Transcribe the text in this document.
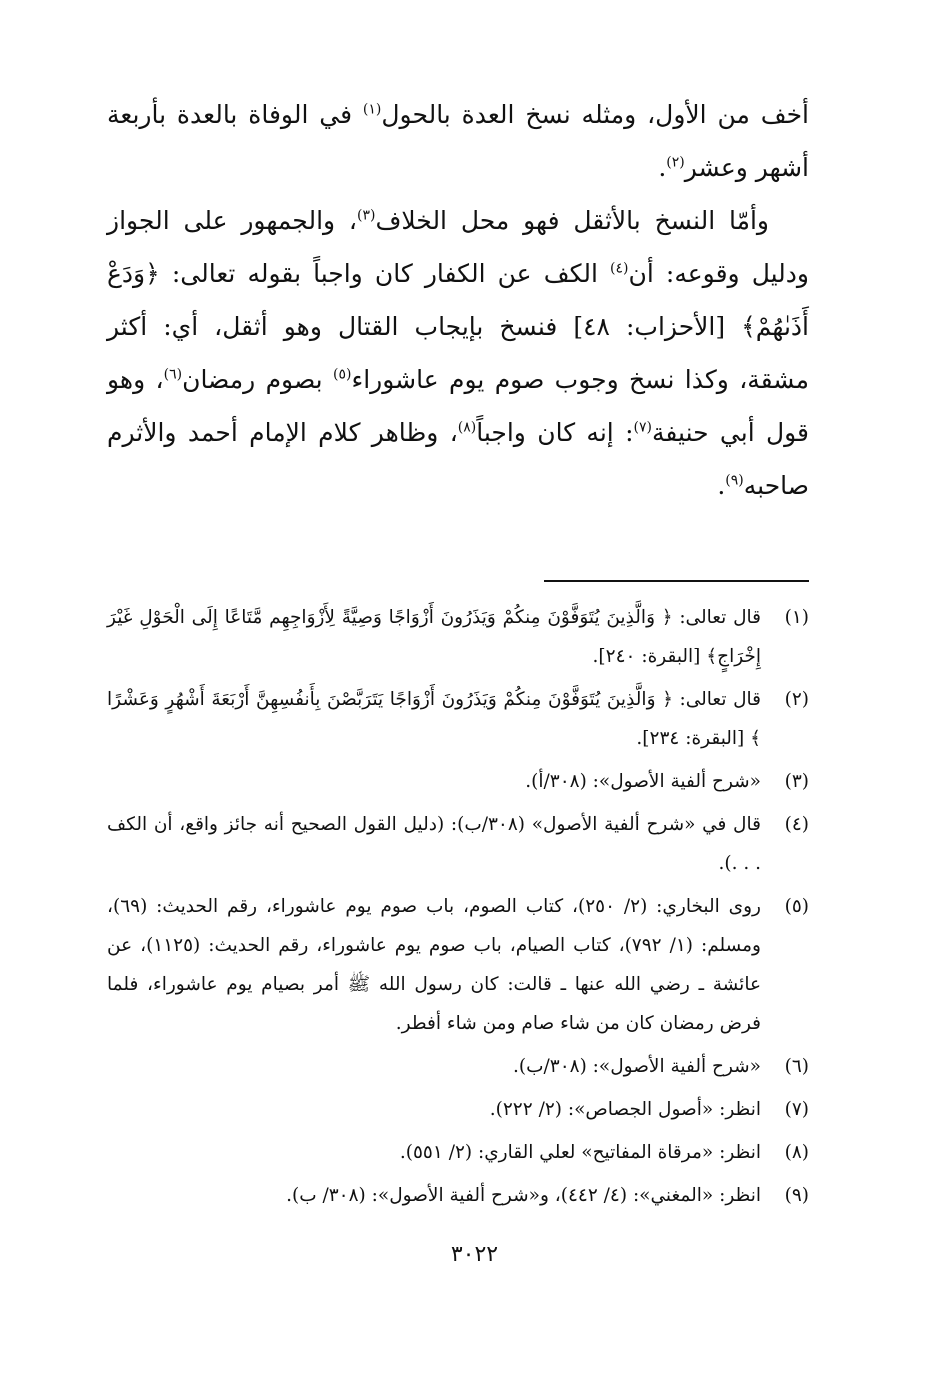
أخف من الأول، ومثله نسخ العدة بالحول$^{(١)}$ في الوفاة بالعدة بأربعة أشهر وعشر$^{(٢)}$.

وأمّا النسخ بالأثقل فهو محل الخلاف$^{(٣)}$، والجمهور على الجواز ودليل وقوعه: أن$^{(٤)}$ الكف عن الكفار كان واجباً بقوله تعالى: ﴿وَدَعْ أَذَىٰهُمْ﴾ [الأحزاب: ٤٨] فنسخ بإيجاب القتال وهو أثقل، أي: أكثر مشقة، وكذا نسخ وجوب صوم يوم عاشوراء$^{(٥)}$ بصوم رمضان$^{(٦)}$، وهو قول أبي حنيفة$^{(٧)}$: إنه كان واجباً$^{(٨)}$، وظاهر كلام الإمام أحمد والأثرم صاحبه$^{(٩)}$.

(١)
قال تعالى: ﴿ وَالَّذِينَ يُتَوَفَّوْنَ مِنكُمْ وَيَذَرُونَ أَزْوَاجًا وَصِيَّةً لِأَزْوَاجِهِم مَّتَاعًا إِلَى الْحَوْلِ غَيْرَ إِخْرَاجٍ﴾ [البقرة: ٢٤٠].
(٢)
قال تعالى: ﴿ وَالَّذِينَ يُتَوَفَّوْنَ مِنكُمْ وَيَذَرُونَ أَزْوَاجًا يَتَرَبَّصْنَ بِأَنفُسِهِنَّ أَرْبَعَةَ أَشْهُرٍ وَعَشْرًا ﴾ [البقرة: ٢٣٤].
(٣)
«شرح ألفية الأصول»: (٣٠٨/أ).
(٤)
قال في «شرح ألفية الأصول» (٣٠٨/ب): (دليل القول الصحيح أنه جائز واقع، أن الكف . . .).
(٥)
روى البخاري: (٢/ ٢٥٠)، كتاب الصوم، باب صوم يوم عاشوراء، رقم الحديث: (٦٩)، ومسلم: (١/ ٧٩٢)، كتاب الصيام، باب صوم يوم عاشوراء، رقم الحديث: (١١٢٥)، عن عائشة ـ رضي الله عنها ـ قالت: كان رسول الله ﷺ أمر بصيام يوم عاشوراء، فلما فرض رمضان كان من شاء صام ومن شاء أفطر.
(٦)
«شرح ألفية الأصول»: (٣٠٨/ب).
(٧)
انظر: «أصول الجصاص»: (٢/ ٢٢٢).
(٨)
انظر: «مرقاة المفاتيح» لعلي القاري: (٢/ ٥٥١).
(٩)
انظر: «المغني»: (٤/ ٤٤٢)، و«شرح ألفية الأصول»: (٣٠٨/ ب).
٣٠٢٢
